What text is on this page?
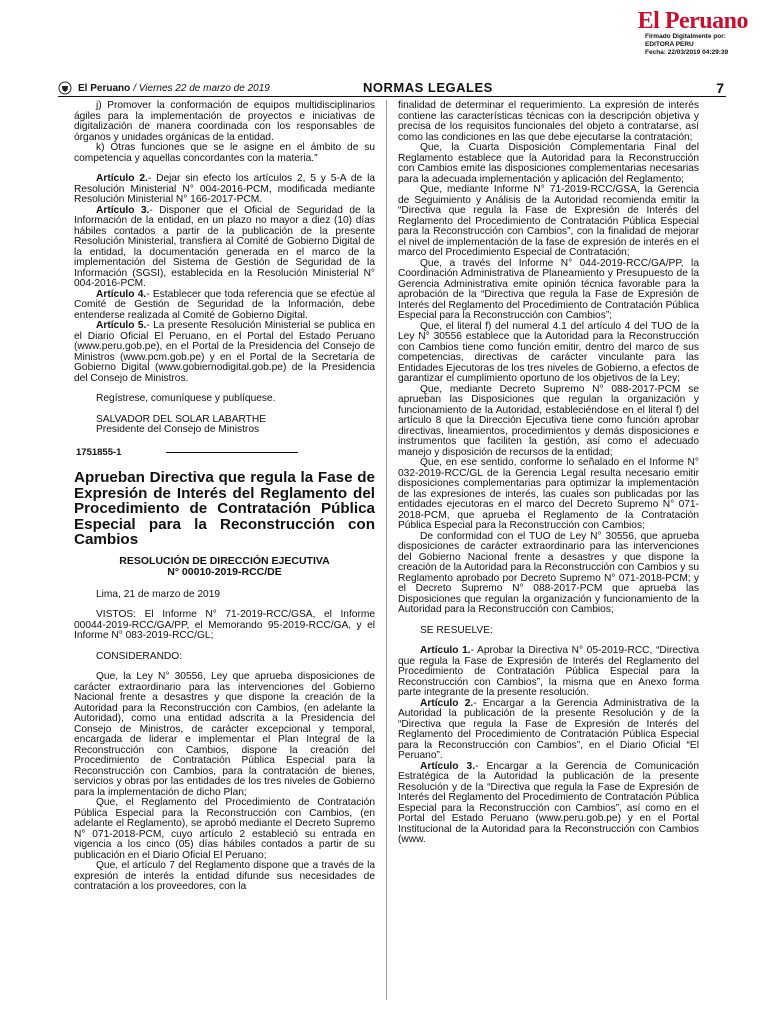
El Peruano
Firmado Digitalmente por:
EDITORA PERU
Fecha: 22/03/2019 04:29:39
El Peruano / Viernes 22 de marzo de 2019	NORMAS LEGALES	7

j) Promover la conformación de equipos multidisciplinarios ágiles para la implementación de proyectos e iniciativas de digitalización de manera coordinada con los responsables de órganos y unidades orgánicas de la entidad.

k) Otras funciones que se le asigne en el ámbito de su competencia y aquellas concordantes con la materia.”

Artículo 2.- Dejar sin efecto los artículos 2, 5 y 5-A de la Resolución Ministerial N° 004-2016-PCM, modificada mediante Resolución Ministerial N° 166-2017-PCM.

Artículo 3.- Disponer que el Oficial de Seguridad de la Información de la entidad, en un plazo no mayor a diez (10) días hábiles contados a partir de la publicación de la presente Resolución Ministerial, transfiera al Comité de Gobierno Digital de la entidad, la documentación generada en el marco de la implementación del Sistema de Gestión de Seguridad de la Información (SGSI), establecida en la Resolución Ministerial N° 004-2016-PCM.

Artículo 4.- Establecer que toda referencia que se efectúe al Comité de Gestión de Seguridad de la Información, debe entenderse realizada al Comité de Gobierno Digital.

Artículo 5.- La presente Resolución Ministerial se publica en el Diario Oficial El Peruano, en el Portal del Estado Peruano (www.peru.gob.pe), en el Portal de la Presidencia del Consejo de Ministros (www.pcm.gob.pe) y en el Portal de la Secretaría de Gobierno Digital (www.gobiernodigital.gob.pe) de la Presidencia del Consejo de Ministros.

Regístrese, comuníquese y publíquese.

SALVADOR DEL SOLAR LABARTHE

Presidente del Consejo de Ministros

1751855-1
Aprueban Directiva que regula la Fase de Expresión de Interés del Reglamento del Procedimiento de Contratación Pública Especial para la Reconstrucción con Cambios
RESOLUCIÓN DE DIRECCIÓN EJECUTIVA
N° 00010-2019-RCC/DE

Lima, 21 de marzo de 2019

VISTOS: El Informe N° 71-2019-RCC/GSA, el Informe 00044-2019-RCC/GA/PP, el Memorando 95-2019-RCC/GA, y el Informe N° 083-2019-RCC/GL;

CONSIDERANDO:

Que, la Ley N° 30556, Ley que aprueba disposiciones de carácter extraordinario para las intervenciones del Gobierno Nacional frente a desastres y que dispone la creación de la Autoridad para la Reconstrucción con Cambios, (en adelante la Autoridad), como una entidad adscrita a la Presidencia del Consejo de Ministros, de carácter excepcional y temporal, encargada de liderar e implementar el Plan Integral de la Reconstrucción con Cambios, dispone la creación del Procedimiento de Contratación Pública Especial para la Reconstrucción con Cambios, para la contratación de bienes, servicios y obras por las entidades de los tres niveles de Gobierno para la implementación de dicho Plan;

Que, el Reglamento del Procedimiento de Contratación Pública Especial para la Reconstrucción con Cambios, (en adelante el Reglamento), se aprobó mediante el Decreto Supremo N° 071-2018-PCM, cuyo artículo 2 estableció su entrada en vigencia a los cinco (05) días hábiles contados a partir de su publicación en el Diario Oficial El Peruano;

Que, el artículo 7 del Reglamento dispone que a través de la expresión de interés la entidad difunde sus necesidades de contratación a los proveedores, con la

finalidad de determinar el requerimiento. La expresión de interés contiene las características técnicas con la descripción objetiva y precisa de los requisitos funcionales del objeto a contratarse, así como las condiciones en las que debe ejecutarse la contratación;

Que, la Cuarta Disposición Complementaria Final del Reglamento establece que la Autoridad para la Reconstrucción con Cambios emite las disposiciones complementarias necesarias para la adecuada implementación y aplicación del Reglamento;

Que, mediante Informe N° 71-2019-RCC/GSA, la Gerencia de Seguimiento y Análisis de la Autoridad recomienda emitir la “Directiva que regula la Fase de Expresión de Interés del Reglamento del Procedimiento de Contratación Pública Especial para la Reconstrucción con Cambios”, con la finalidad de mejorar el nivel de implementación de la fase de expresión de interés en el marco del Procedimiento Especial de Contratación;

Que, a través del Informe N° 044-2019-RCC/GA/PP, la Coordinación Administrativa de Planeamiento y Presupuesto de la Gerencia Administrativa emite opinión técnica favorable para la aprobación de la “Directiva que regula la Fase de Expresión de Interés del Reglamento del Procedimiento de Contratación Pública Especial para la Reconstrucción con Cambios”;

Que, el literal f) del numeral 4.1 del artículo 4 del TUO de la Ley N° 30556 establece que la Autoridad para la Reconstrucción con Cambios tiene como función emitir, dentro del marco de sus competencias, directivas de carácter vinculante para las Entidades Ejecutoras de los tres niveles de Gobierno, a efectos de garantizar el cumplimiento oportuno de los objetivos de la Ley;

Que, mediante Decreto Supremo N° 088-2017-PCM se aprueban las Disposiciones que regulan la organización y funcionamiento de la Autoridad, estableciéndose en el literal f) del artículo 8 que la Dirección Ejecutiva tiene como función aprobar directivas, lineamientos, procedimientos y demás disposiciones e instrumentos que faciliten la gestión, así como el adecuado manejo y disposición de recursos de la entidad;

Que, en ese sentido, conforme lo señalado en el Informe N° 032-2019-RCC/GL de la Gerencia Legal resulta necesario emitir disposiciones complementarias para optimizar la implementación de las expresiones de interés, las cuales son publicadas por las entidades ejecutoras en el marco del Decreto Supremo N° 071-2018-PCM, que aprueba el Reglamento de la Contratación Pública Especial para la Reconstrucción con Cambios;

De conformidad con el TUO de Ley N° 30556, que aprueba disposiciones de carácter extraordinario para las intervenciones del Gobierno Nacional frente a desastres y que dispone la creación de la Autoridad para la Reconstrucción con Cambios y su Reglamento aprobado por Decreto Supremo N° 071-2018-PCM; y el Decreto Supremo N° 088-2017-PCM que aprueba las Disposiciones que regulan la organización y funcionamiento de la Autoridad para la Reconstrucción con Cambios;

SE RESUELVE:

Artículo 1.- Aprobar la Directiva N° 05-2019-RCC, “Directiva que regula la Fase de Expresión de Interés del Reglamento del Procedimiento de Contratación Pública Especial para la Reconstrucción con Cambios”, la misma que en Anexo forma parte integrante de la presente resolución.

Artículo 2.- Encargar a la Gerencia Administrativa de la Autoridad la publicación de la presente Resolución y de la “Directiva que regula la Fase de Expresión de Interés del Reglamento del Procedimiento de Contratación Pública Especial para la Reconstrucción con Cambios”, en el Diario Oficial “El Peruano”.

Artículo 3.- Encargar a la Gerencia de Comunicación Estratégica de la Autoridad la publicación de la presente Resolución y de la “Directiva que regula la Fase de Expresión de Interés del Reglamento del Procedimiento de Contratación Pública Especial para la Reconstrucción con Cambios”, así como en el Portal del Estado Peruano (www.peru.gob.pe) y en el Portal Institucional de la Autoridad para la Reconstrucción con Cambios (www.
